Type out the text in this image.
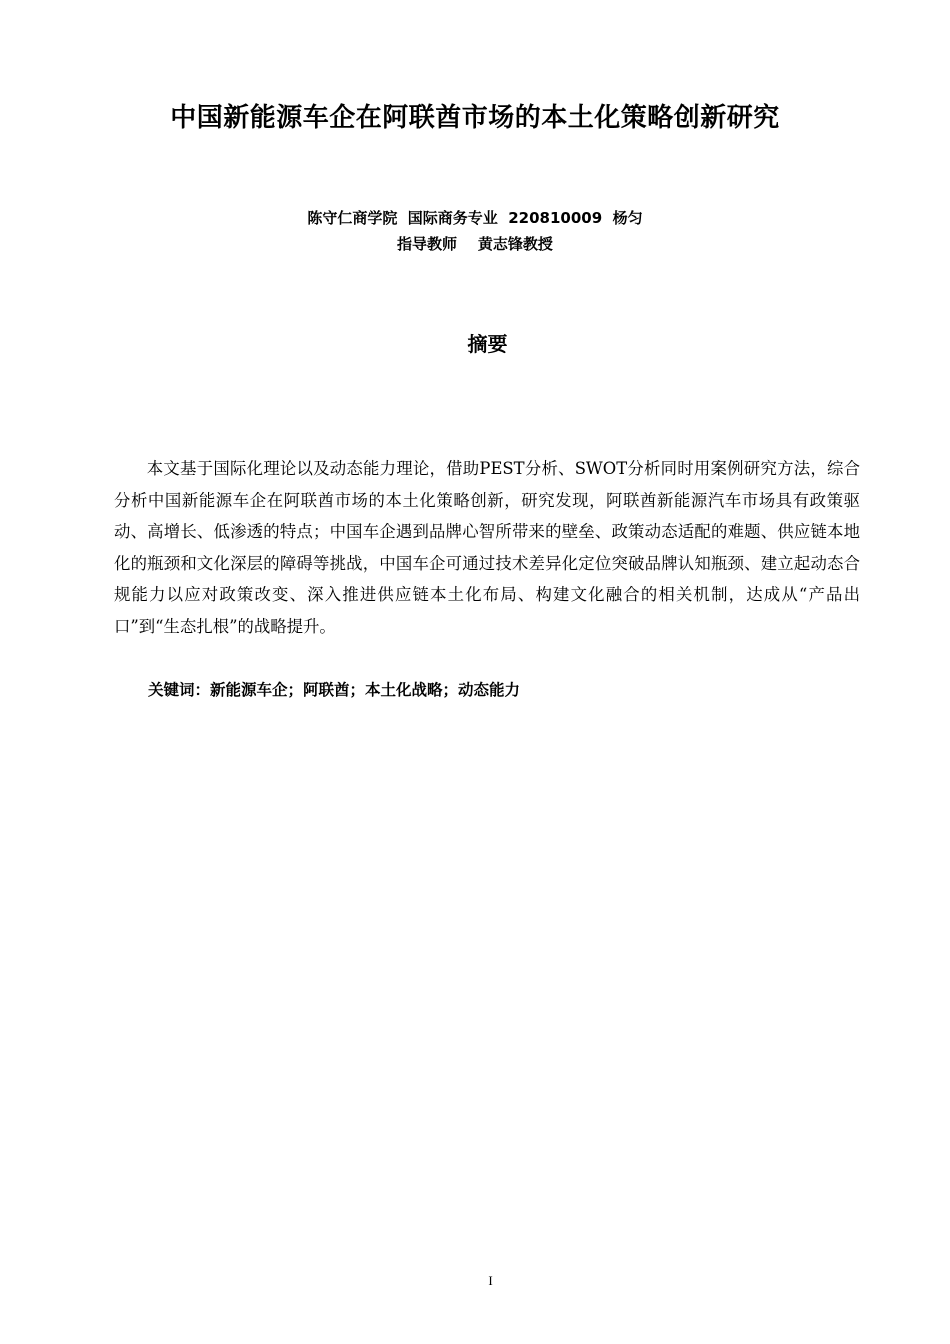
中国新能源车企在阿联酋市场的本土化策略创新研究
陈守仁商学院  国际商务专业  220810009  杨匀
指导教师    黄志锋教授
摘要

本文基于国际化理论以及动态能力理论，借助PEST分析、SWOT分析同时用案例研究方法，综合分析中国新能源车企在阿联酋市场的本土化策略创新，研究发现，阿联酋新能源汽车市场具有政策驱动、高增长、低渗透的特点；中国车企遇到品牌心智所带来的壁垒、政策动态适配的难题、供应链本地化的瓶颈和文化深层的障碍等挑战，中国车企可通过技术差异化定位突破品牌认知瓶颈、建立起动态合规能力以应对政策改变、深入推进供应链本土化布局、构建文化融合的相关机制，达成从“产品出口”到“生态扎根”的战略提升。

关键词：新能源车企；阿联酋；本土化战略；动态能力
I
